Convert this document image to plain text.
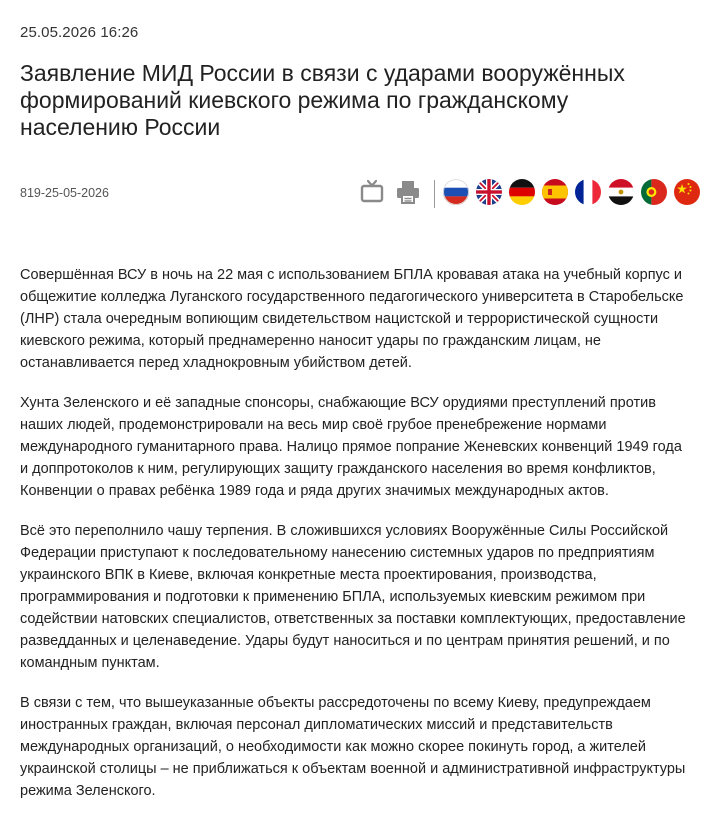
25.05.2026 16:26
Заявление МИД России в связи с ударами вооружённых формирований киевского режима по гражданскому населению России
819-25-05-2026

Совершённая ВСУ в ночь на 22 мая с использованием БПЛА кровавая атака на учебный корпус и общежитие колледжа Луганского государственного педагогического университета в Старобельске (ЛНР) стала очередным вопиющим свидетельством нацистской и террористической сущности киевского режима, который преднамеренно наносит удары по гражданским лицам, не останавливается перед хладнокровным убийством детей.

Хунта Зеленского и её западные спонсоры, снабжающие ВСУ орудиями преступлений против наших людей, продемонстрировали на весь мир своё грубое пренебрежение нормами международного гуманитарного права. Налицо прямое попрание Женевских конвенций 1949 года и доппротоколов к ним, регулирующих защиту гражданского населения во время конфликтов, Конвенции о правах ребёнка 1989 года и ряда других значимых международных актов.

Всё это переполнило чашу терпения. В сложившихся условиях Вооружённые Силы Российской Федерации приступают к последовательному нанесению системных ударов по предприятиям украинского ВПК в Киеве, включая конкретные места проектирования, производства, программирования и подготовки к применению БПЛА, используемых киевским режимом при содействии натовских специалистов, ответственных за поставки комплектующих, предоставление разведданных и целенаведение. Удары будут наноситься и по центрам принятия решений, и по командным пунктам.

В связи с тем, что вышеуказанные объекты рассредоточены по всему Киеву, предупреждаем иностранных граждан, включая персонал дипломатических миссий и представительств международных организаций, о необходимости как можно скорее покинуть город, а жителей украинской столицы – не приближаться к объектам военной и административной инфраструктуры режима Зеленского.
